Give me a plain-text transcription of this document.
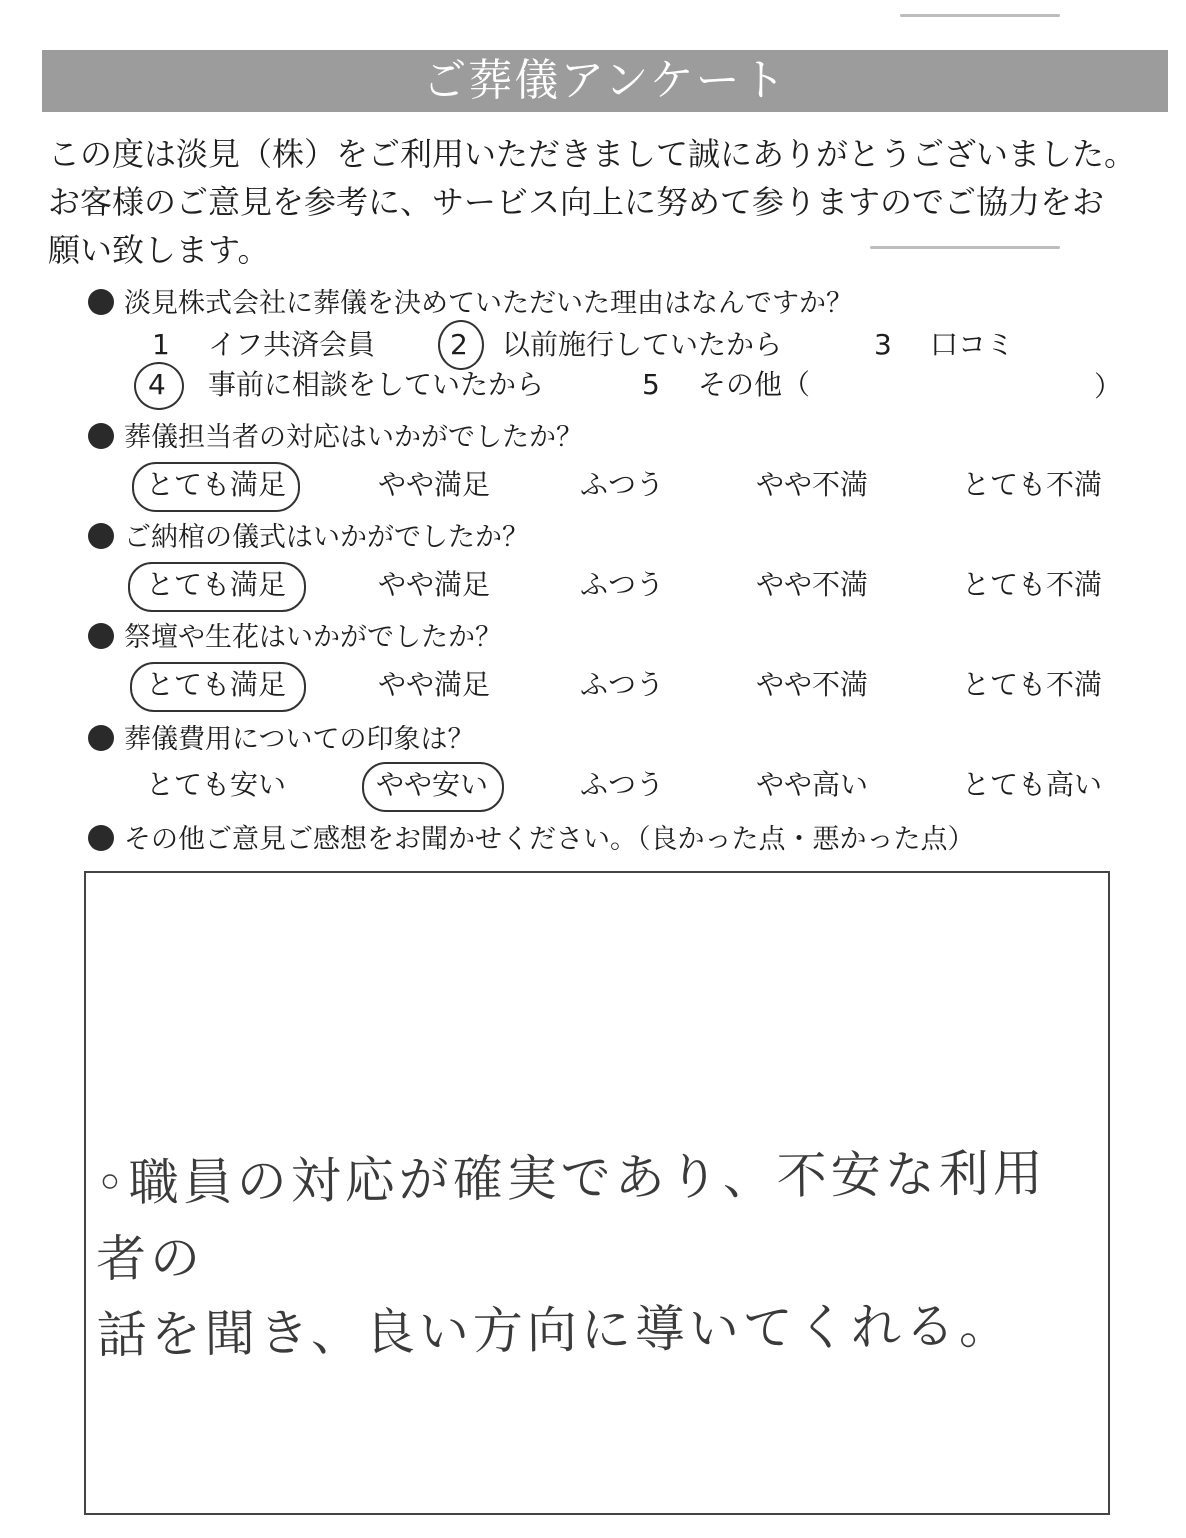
ご葬儀アンケート
この度は淡見（株）をご利用いただきまして誠にありがとうございました。
お客様のご意見を参考に、サービス向上に努めて参りますのでご協力をお
願い致します。
淡見株式会社に葬儀を決めていただいた理由はなんですか？
1 イフ共済会員	2 以前施行していたから	3 口コミ
4 事前に相談をしていたから	5 その他（	）
葬儀担当者の対応はいかがでしたか？
とても満足	やや満足	ふつう	やや不満	とても不満
ご納棺の儀式はいかがでしたか？
とても満足	やや満足	ふつう	やや不満	とても不満
祭壇や生花はいかがでしたか？
とても満足	やや満足	ふつう	やや不満	とても不満
葬儀費用についての印象は？
とても安い	やや安い	ふつう	やや高い	とても高い
その他ご意見ご感想をお聞かせください。（良かった点・悪かった点）
◦職員の対応が確実であり、不安な利用者の
話を聞き、良い方向に導いてくれる。
